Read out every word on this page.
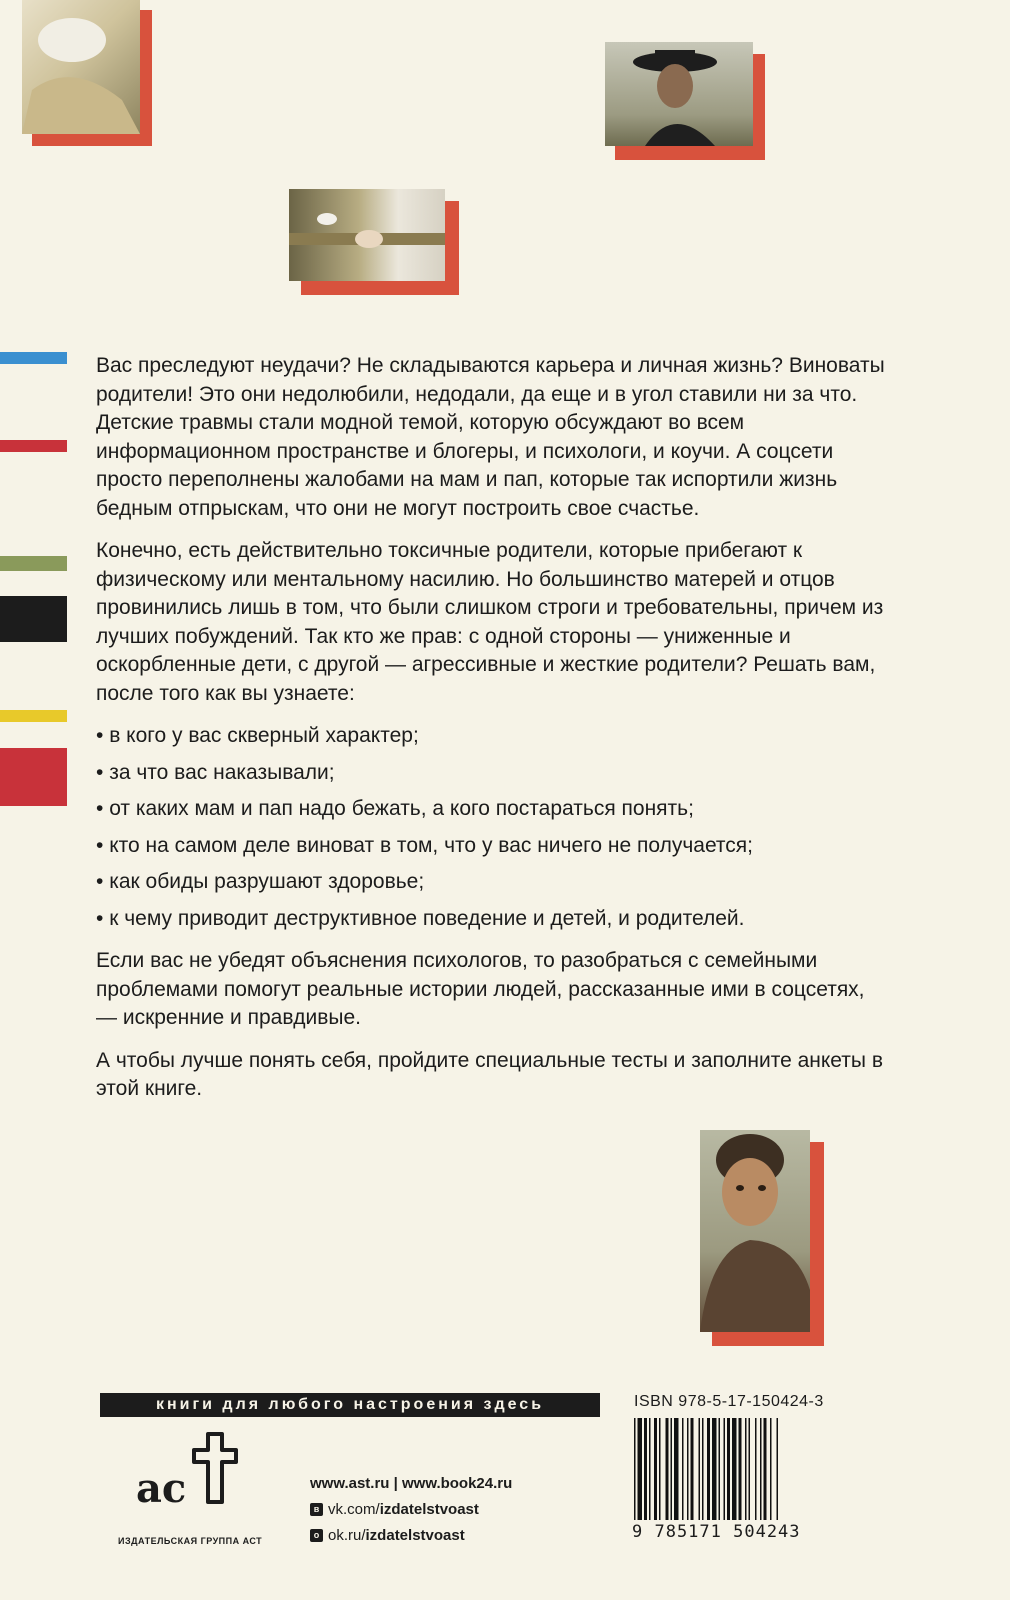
Вас преследуют неудачи? Не складываются карьера и личная жизнь? Виноваты родители! Это они недолюбили, недодали, да еще и в угол ставили ни за что. Детские травмы стали модной темой, которую обсуждают во всем информационном пространстве и блогеры, и психологи, и коучи. А соцсети просто переполнены жалобами на мам и пап, которые так испортили жизнь бедным отпрыскам, что они не могут построить свое счастье.

Конечно, есть действительно токсичные родители, которые прибегают к физическому или ментальному насилию. Но большинство матерей и отцов провинились лишь в том, что были слишком строги и требовательны, причем из лучших побуждений. Так кто же прав: с одной стороны — униженные и оскорбленные дети, с другой — агрессивные и жесткие родители? Решать вам, после того как вы узнаете:

• в кого у вас скверный характер;
• за что вас наказывали;
• от каких мам и пап надо бежать, а кого постараться понять;
• кто на самом деле виноват в том, что у вас ничего не получается;
• как обиды разрушают здоровье;
• к чему приводит деструктивное поведение и детей, и родителей.

Если вас не убедят объяснения психологов, то разобраться с семейными проблемами помогут реальные истории людей, рассказанные ими в соцсетях, — искренние и правдивые.

А чтобы лучше понять себя, пройдите специальные тесты и заполните анкеты в этой книге.

книги для любого настроения здесь
ас
ИЗДАТЕЛЬСКАЯ ГРУППА АСТ
www.ast.ru | www.book24.ru
в vk.com/ izdatelstvoast
о ok.ru/ izdatelstvoast
ISBN 978-5-17-150424-3
9 785171 504243
